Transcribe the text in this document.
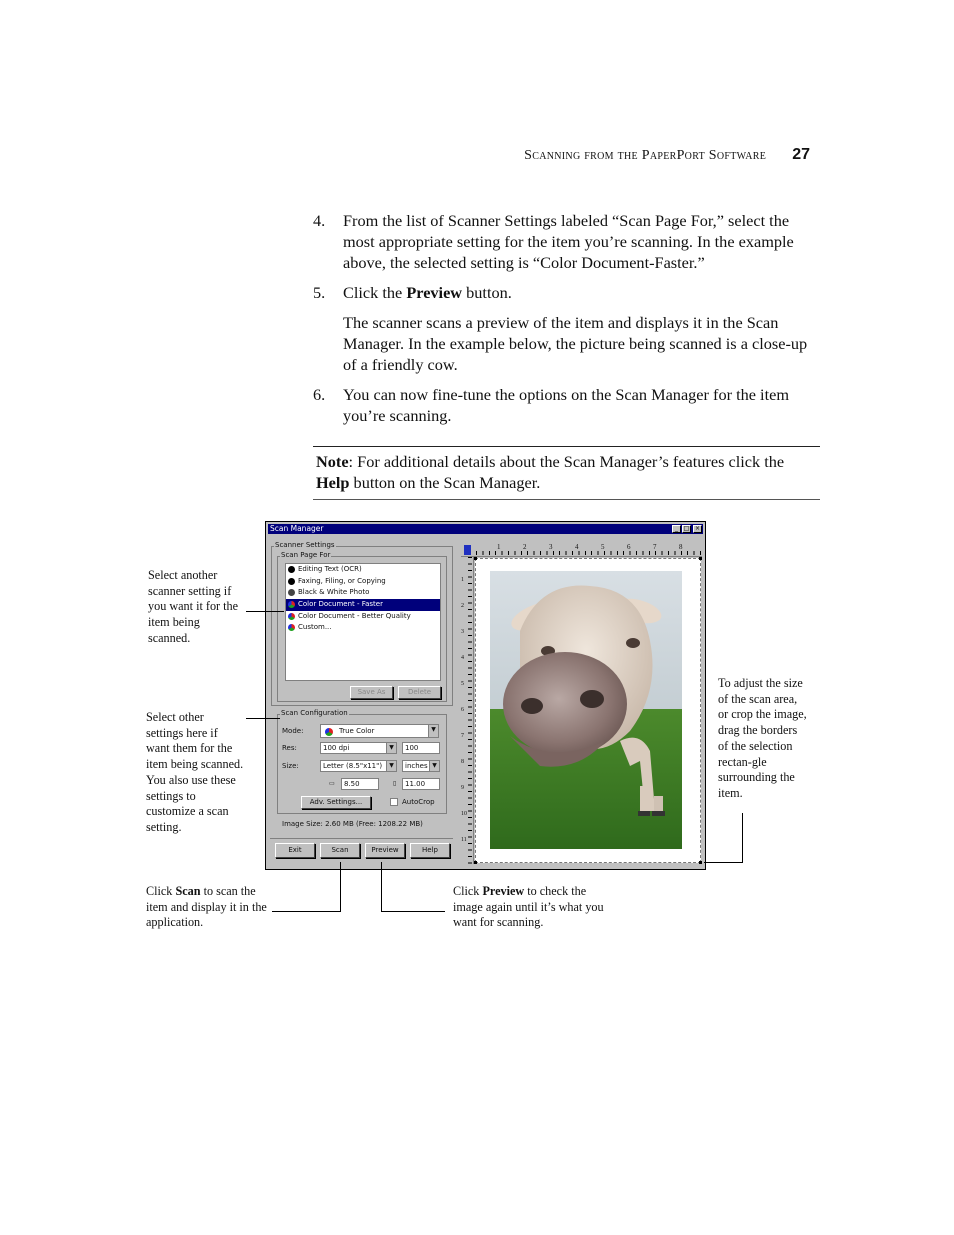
Scanning from the PaperPort Software 27
4. From the list of Scanner Settings labeled “Scan Page For,” select the most appropriate setting for the item you’re scanning. In the example above, the selected setting is “Color Document-Faster.”
5. Click the Preview button.
The scanner scans a preview of the item and displays it in the Scan Manager. In the example below, the picture being scanned is a close-up of a friendly cow.
6. You can now fine-tune the options on the Scan Manager for the item you’re scanning.
Note: For additional details about the Scan Manager’s features click the Help button on the Scan Manager.
Scan Manager	_ □ ×
Scanner Settings
Scan Page For
Editing Text (OCR)
Faxing, Filing, or Copying
Black & White Photo
Color Document - Faster
Color Document - Better Quality
Custom...
Save As	Delete
Scan Configuration
Mode:	True Color	▼
Res:	100 dpi	▼	100
Size:	Letter (8.5"x11")	▼	inches ▼
▭	8.50	▯	11.00
Adv. Settings...	AutoCrop
Image Size: 2.60 MB (Free: 1208.22 MB)
Exit	Scan	Preview	Help
1	2	3	4	5	6	7	8
1
2
3
4
5
6
7
8
9
10
11
Select another scanner setting if you want it for the item being scanned.
Select other settings here if want them for the item being scanned. You also use these settings to customize a scan setting.
To adjust the size of the scan area, or crop the image, drag the borders of the selection rectan-gle surrounding the item.
Click Scan to scan the item and display it in the application.
Click Preview to check the image again until it’s what you want for scanning.
